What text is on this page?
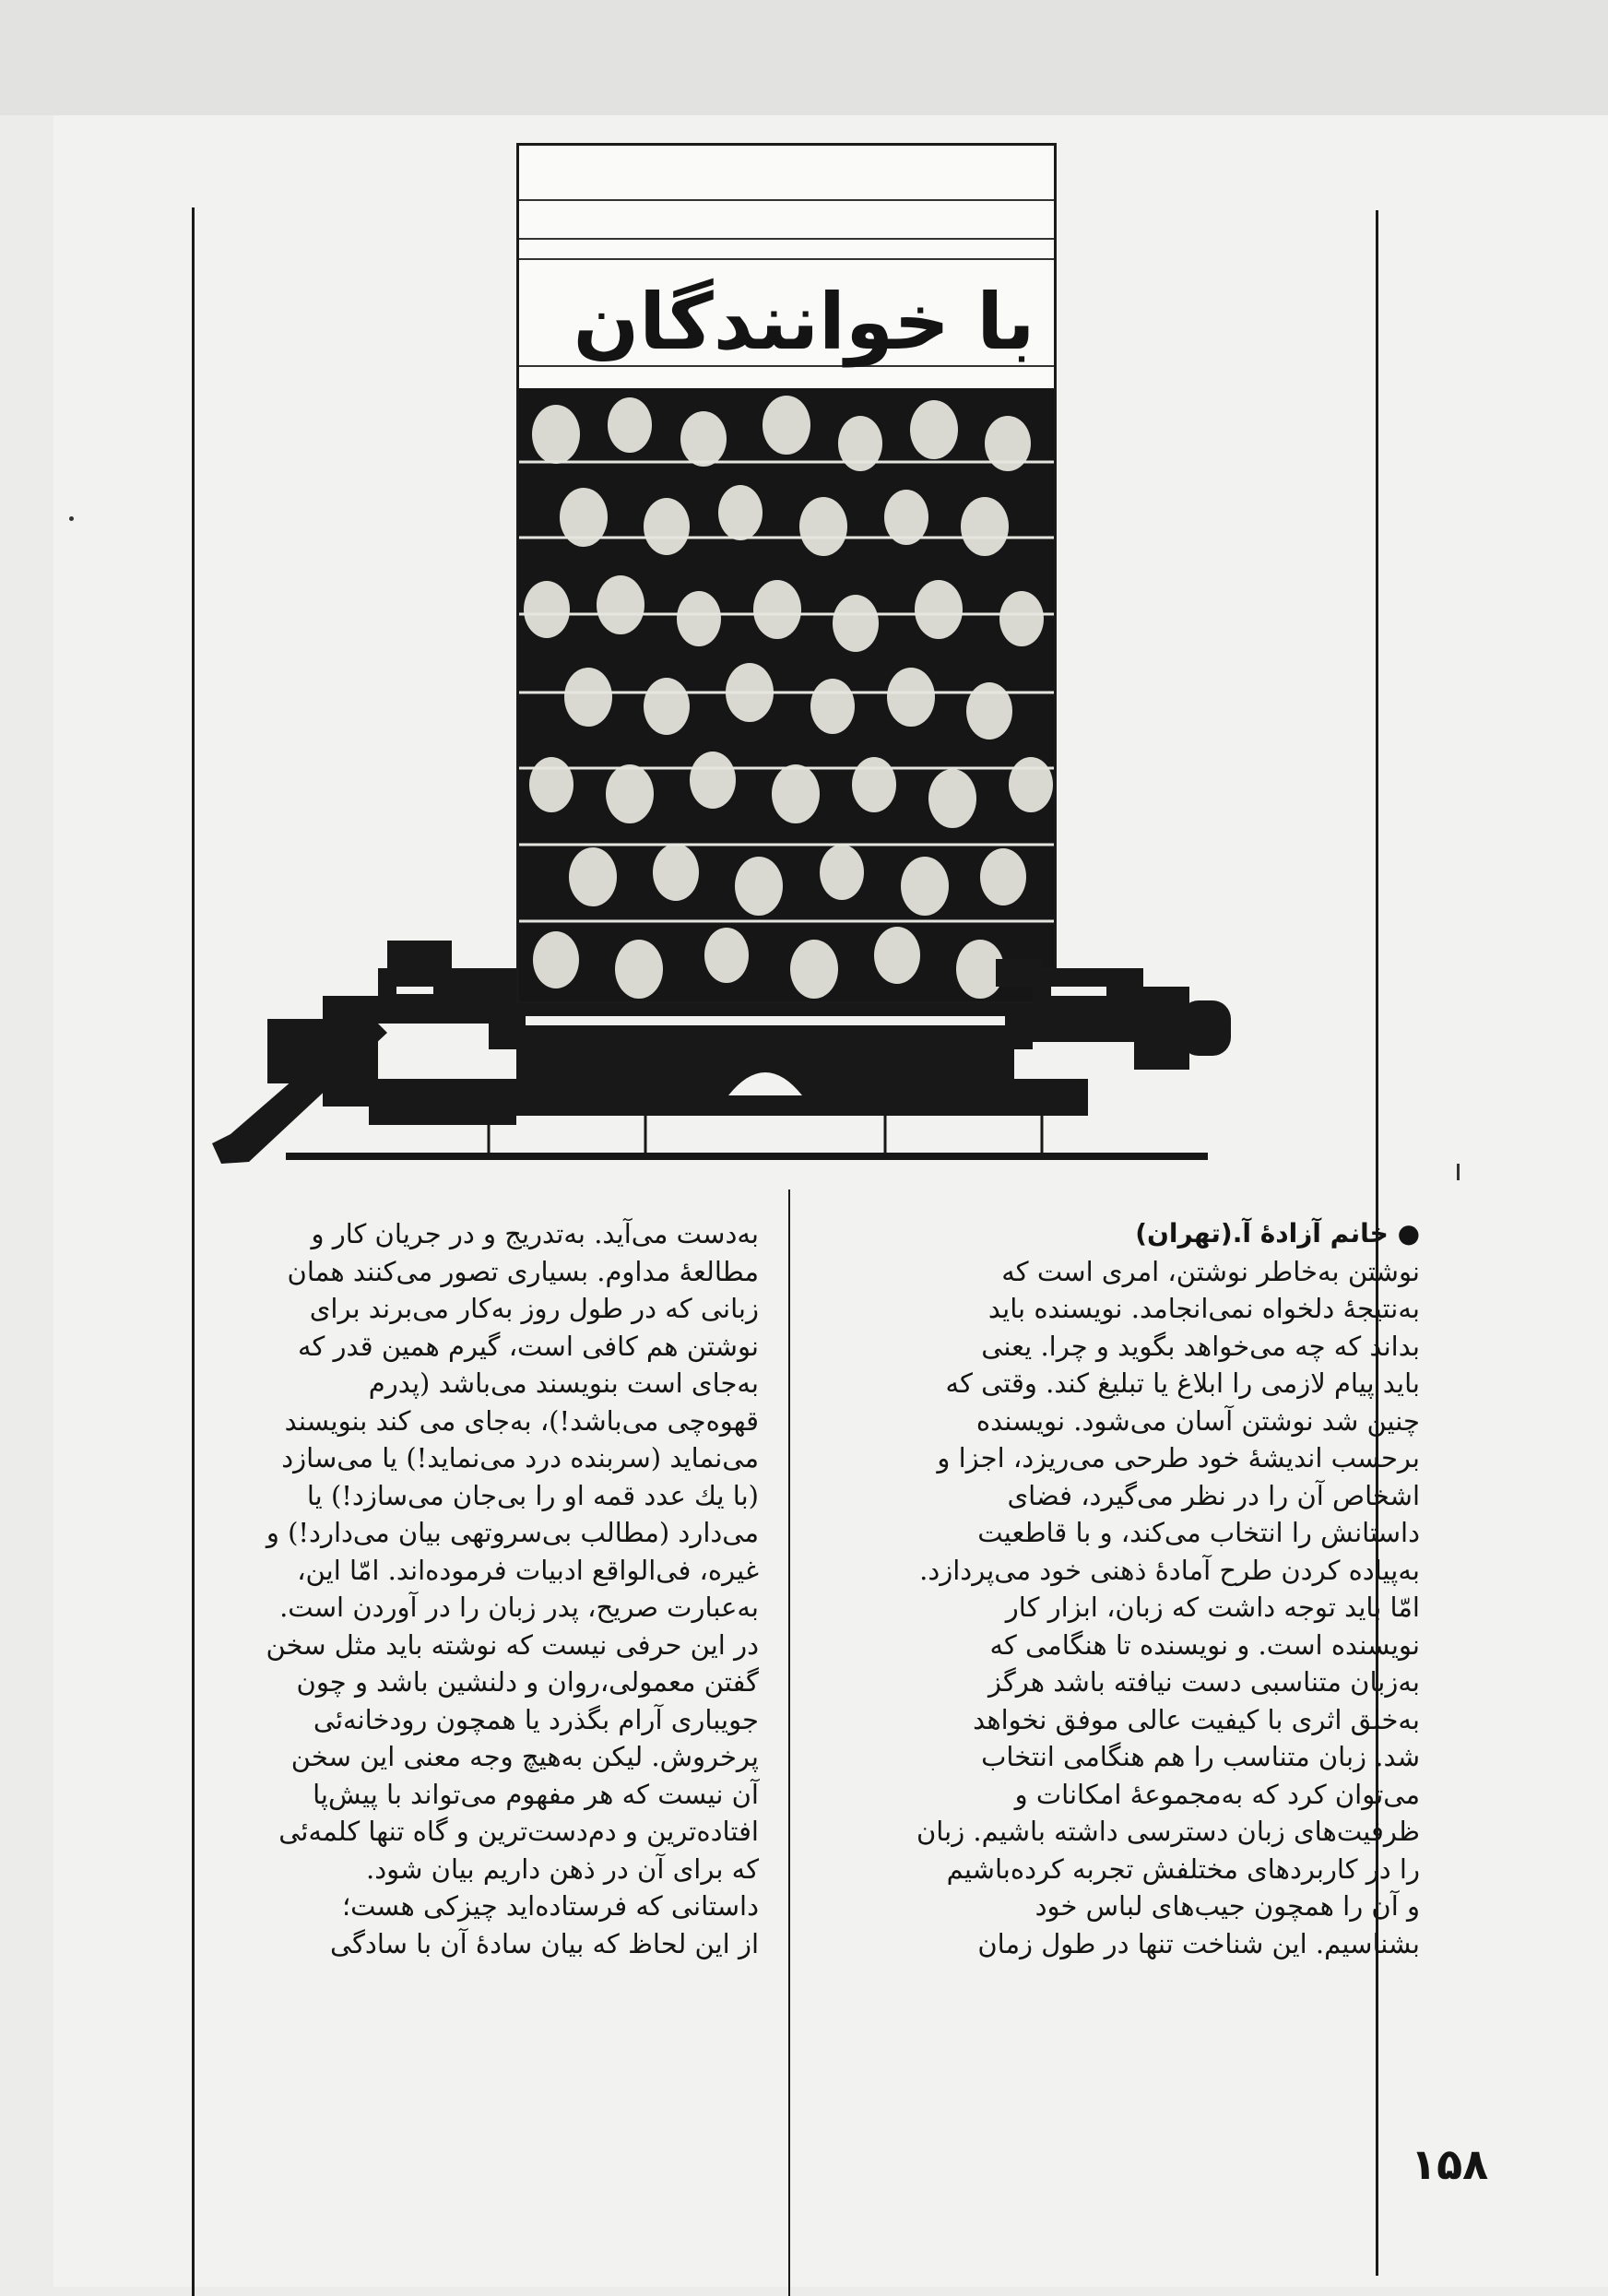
با خوانندگان

● خانم آزادهٔ آ.(تهران)

نوشتن به‌خاطر نوشتن، امری است که

به‌نتیجهٔ دلخواه نمی‌انجامد. نویسنده باید

بداند که چه می‌خواهد بگوید و چرا. یعنی

باید پیام لازمی را ابلاغ یا تبلیغ کند. وقتی که

چنین شد نوشتن آسان می‌شود. نویسنده

برحسب اندیشهٔ خود طرحی می‌ریزد، اجزا و

اشخاص آن را در نظر می‌گیرد، فضای

داستانش را انتخاب می‌کند، و با قاطعیت

به‌پیاده کردن طرح آمادهٔ ذهنی خود می‌پردازد.

امّا باید توجه داشت که زبان، ابزار کار

نویسنده است. و نویسنده تا هنگامی که

به‌زبان متناسبی دست نیافته باشد هرگز

به‌خلق اثری با کیفیت عالی موفق نخواهد

شد. زبان متناسب را هم هنگامی انتخاب

می‌توان کرد که به‌مجموعهٔ امکانات و

ظرفیت‌های زبان دسترسی داشته باشیم. زبان

را در کاربردهای مختلفش تجربه کرده‌باشیم

و آن را همچون جیب‌های لباس خود

بشناسیم. این شناخت تنها در طول زمان

به‌دست می‌آید. به‌تدریج و در جریان کار و

مطالعهٔ مداوم. بسیاری تصور می‌کنند همان

زبانی که در طول روز به‌کار می‌برند برای

نوشتن هم کافی است، گیرم همین قدر که

به‌جای است بنویسند می‌باشد (پدرم

قهوه‌چی می‌باشد!)، به‌جای می کند بنویسند

می‌نماید (سربنده درد می‌نماید!) یا می‌سازد

(با یك عدد قمه او را بی‌جان می‌سازد!) یا

می‌دارد (مطالب بی‌سروتهی بیان می‌دارد!) و

غیره، فی‌الواقع ادبیات فرموده‌اند. امّا این،

به‌عبارت صریح، پدر زبان را در آوردن است.

در این حرفی نیست که نوشته باید مثل سخن

گفتن معمولی،روان و دلنشین باشد و چون

جویباری آرام بگذرد یا همچون رودخانه‌ئی

پرخروش. لیکن به‌هیچ وجه معنی این سخن

آن نیست که هر مفهوم می‌تواند با پیش‌پا

افتاده‌ترین و دم‌دست‌ترین و گاه تنها کلمه‌ئی

که برای آن در ذهن داریم بیان شود.

داستانی که فرستاده‌اید چیزکی هست؛

از این لحاظ که بیان سادهٔ آن با سادگی

۱۵۸
